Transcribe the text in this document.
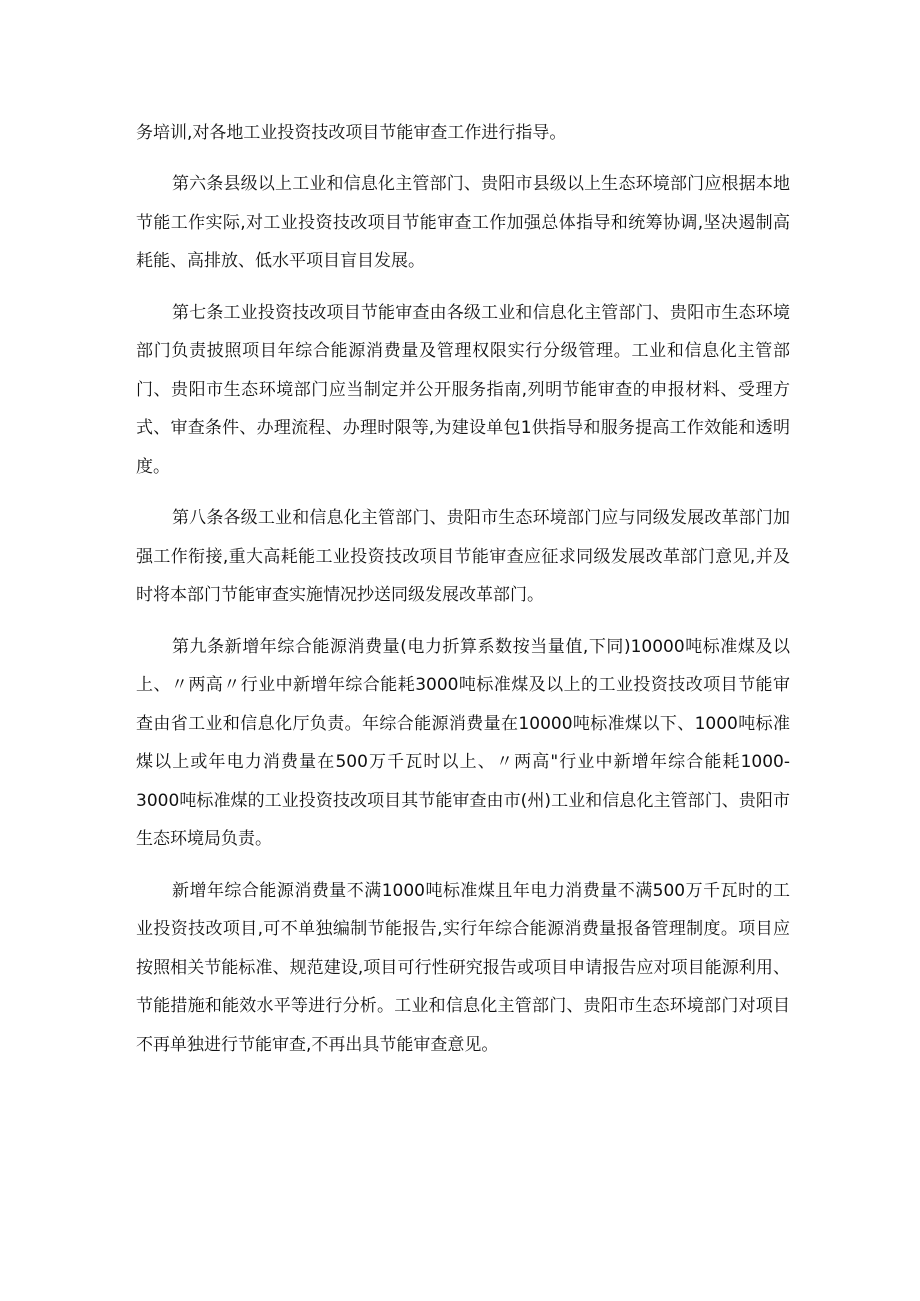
务培训,对各地工业投资技改项目节能审查工作进行指导。

第六条县级以上工业和信息化主管部门、贵阳市县级以上生态环境部门应根据本地节能工作实际,对工业投资技改项目节能审查工作加强总体指导和统筹协调,坚决遏制高耗能、高排放、低水平项目盲目发展。

第七条工业投资技改项目节能审查由各级工业和信息化主管部门、贵阳市生态环境部门负责披照项目年综合能源消费量及管理权限实行分级管理。工业和信息化主管部门、贵阳市生态环境部门应当制定并公开服务指南,列明节能审查的申报材料、受理方式、审查条件、办理流程、办理时限等,为建设单包1供指导和服务提高工作效能和透明度。

第八条各级工业和信息化主管部门、贵阳市生态环境部门应与同级发展改革部门加强工作衔接,重大高耗能工业投资技改项目节能审查应征求同级发展改革部门意见,并及时将本部门节能审查实施情况抄送同级发展改革部门。

第九条新增年综合能源消费量(电力折算系数按当量值,下同)10000吨标准煤及以上、〃两高〃行业中新增年综合能耗3000吨标准煤及以上的工业投资技改项目节能审查由省工业和信息化厅负责。年综合能源消费量在10000吨标准煤以下、1000吨标准煤以上或年电力消费量在500万千瓦时以上、〃两高"行业中新增年综合能耗1000-3000吨标准煤的工业投资技改项目其节能审查由市(州)工业和信息化主管部门、贵阳市生态环境局负责。

新增年综合能源消费量不满1000吨标准煤且年电力消费量不满500万千瓦时的工业投资技改项目,可不单独编制节能报告,实行年综合能源消费量报备管理制度。项目应按照相关节能标准、规范建设,项目可行性研究报告或项目申请报告应对项目能源利用、节能措施和能效水平等进行分析。工业和信息化主管部门、贵阳市生态环境部门对项目不再单独进行节能审查,不再出具节能审查意见。
